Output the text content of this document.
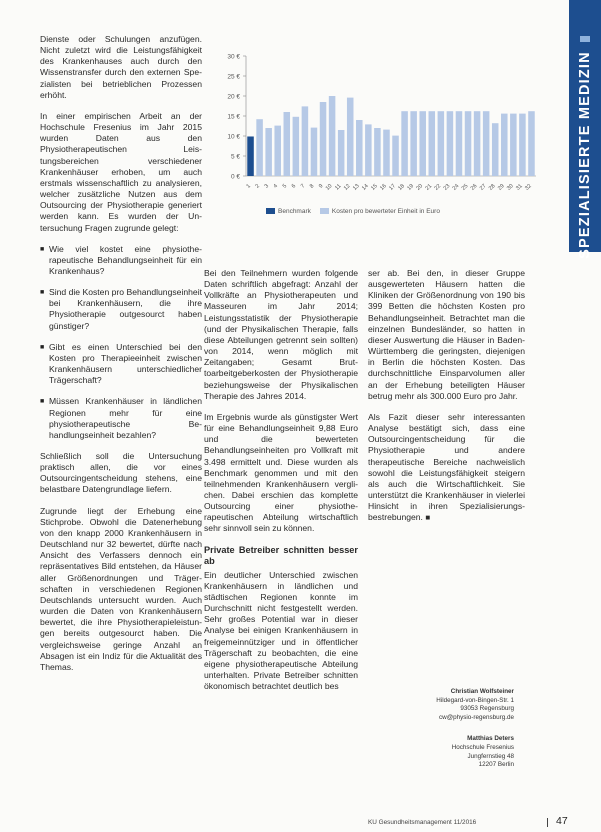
SPEZIALISIERTE MEDIZIN
30 €
25 €
20 €
15 €
10 €
5 €
0 €
1 2 3 4 5 6 7 8 9 10 11 12 13 14 15 16 17 18 19 20 21 22 23 24 25 26 27 28 29 30 31 32
Benchmark	Kosten pro bewerteter Einheit in Euro

Dienste oder Schulungen anzufügen. Nicht zuletzt wird die Leistungsfähigkeit des Krankenhauses auch durch den Wissenstransfer durch den externen Spezialisten bei betrieblichen Prozessen erhöht.

In einer empirischen Arbeit an der Hochschule Fresenius im Jahr 2015 wurden Daten aus den Physiotherapeutischen Leistungsbereichen verschiedener Krankenhäuser erhoben, um auch erstmals wissenschaftlich zu analysieren, welcher zusätzliche Nutzen aus dem Outsourcing der Physiotherapie generiert werden kann. Es wurden der Untersuchung Fragen zugrunde gelegt:

■ Wie viel kostet eine physiotherapeutische Behandlungseinheit für ein Krankenhaus?
■ Sind die Kosten pro Behandlungseinheit bei Krankenhäusern, die ihre Physiotherapie outgesourct haben günstiger?
■ Gibt es einen Unterschied bei den Kosten pro Therapieeinheit zwischen Krankenhäusern unterschiedlicher Trägerschaft?
■ Müssen Krankenhäuser in ländlichen Regionen mehr für eine physiotherapeutische Behandlungseinheit bezahlen?

Schließlich soll die Untersuchung praktisch allen, die vor eines Outsourcingentscheidung stehens, eine belastbare Datengrundlage liefern.

Zugrunde liegt der Erhebung eine Stichprobe. Obwohl die Datenerhebung von den knapp 2000 Krankenhäusern in Deutschland nur 32 bewertet, dürfte nach Ansicht des Verfassers dennoch ein repräsentatives Bild entstehen, da Häuser aller Größenordnungen und Trägerschaften in verschiedenen Regionen Deutschlands untersucht wurden. Auch wurden die Daten von Krankenhäusern bewertet, die ihre Physiotherapieleistungen bereits outgesourct haben. Die vergleichsweise geringe Anzahl an Absagen ist ein Indiz für die Aktualität des Themas.

Bei den Teilnehmern wurden folgende Daten schriftlich abgefragt: Anzahl der Vollkräfte an Physiotherapeuten und Masseuren im Jahr 2014; Leistungsstatistik der Physiotherapie (und der Physikalischen Therapie, falls diese Abteilungen getrennt sein sollten) von 2014, wenn möglich mit Zeitangaben; Gesamt Bruttoarbeitgeberkosten der Physiotherapie beziehungsweise der Physikalischen Therapie des Jahres 2014.

Im Ergebnis wurde als günstigster Wert für eine Behandlungseinheit 9,88 Euro und die bewerteten Behandlungseinheiten pro Vollkraft mit 3.498 ermittelt und. Diese wurden als Benchmark genommen und mit den teilnehmenden Krankenhäusern verglichen. Dabei erschien das komplette Outsourcing einer physiotherapeutischen Abteilung wirtschaftlich sehr sinnvoll sein zu können.

Private Betreiber schnitten besser ab

Ein deutlicher Unterschied zwischen Krankenhäusern in ländlichen und städtischen Regionen konnte im Durchschnitt nicht festgestellt werden. Sehr großes Potential war in dieser Analyse bei einigen Krankenhäusern in freigemeinnütziger und in öffentlicher Trägerschaft zu beobachten, die eine eigene physiotherapeutische Abteilung unterhalten. Private Betreiber schnitten ökonomisch betrachtet deutlich bes

ser ab. Bei den, in dieser Gruppe ausgewerteten Häusern hatten die Kliniken der Größenordnung von 190 bis 399 Betten die höchsten Kosten pro Behandlungseinheit. Betrachtet man die einzelnen Bundesländer, so hatten in dieser Auswertung die Häuser in Baden-Württemberg die geringsten, diejenigen in Berlin die höchsten Kosten. Das durchschnittliche Einsparvolumen aller an der Erhebung beteiligten Häuser betrug mehr als 300.000 Euro pro Jahr.

Als Fazit dieser sehr interessanten Analyse bestätigt sich, dass eine Outsourcingentscheidung für die Physiotherapie und andere therapeutische Bereiche nachweislich sowohl die Leistungsfähigkeit steigern als auch die Wirtschaftlichkeit. Sie unterstützt die Krankenhäuser in vielerlei Hinsicht in ihren Spezialisierungsbestrebungen. ■

Christian Wolfsteiner
Hildegard-von-Bingen-Str. 1
93053 Regensburg
cw@physio-regensburg.de

Matthias Deters
Hochschule Fresenius
Jungfernstieg 48
12207 Berlin

KU Gesundheitsmanagement 11/2016	47
